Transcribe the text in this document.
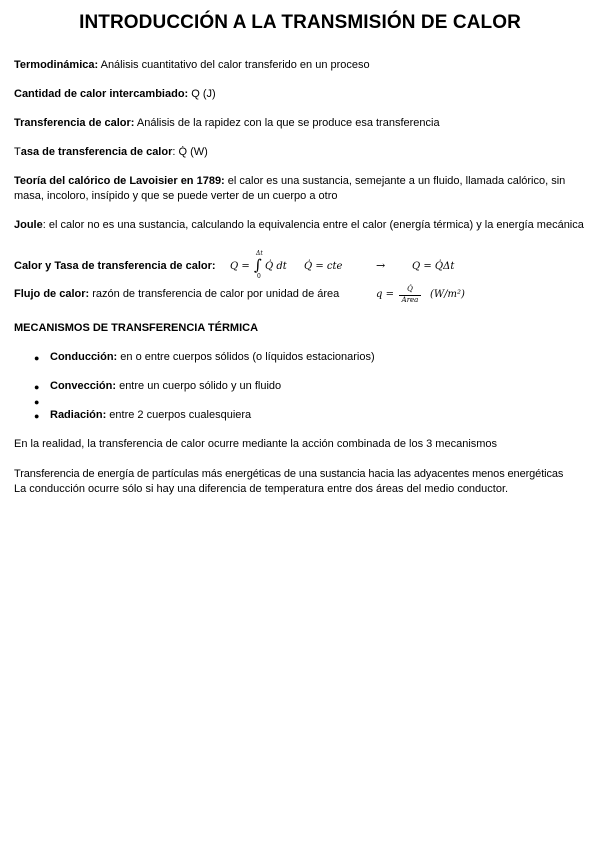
INTRODUCCIÓN A LA TRANSMISIÓN DE CALOR
Termodinámica: Análisis cuantitativo del calor transferido en un proceso
Cantidad de calor intercambiado: Q (J)
Transferencia de calor: Análisis de la rapidez con la que se produce esa transferencia
Tasa de transferencia de calor: Q̇ (W)
Teoría del calórico de Lavoisier en 1789: el calor es una sustancia, semejante a un fluido, llamada calórico, sin masa, incoloro, insípido y que se puede verter de un cuerpo a otro
Joule: el calor no es una sustancia, calculando la equivalencia entre el calor (energía térmica) y la energía mecánica
Calor y Tasa de transferencia de calor: Q = ∫
Δt
0
Q̇ dt Q̇ = cte	→	Q = Q̇Δt
Flujo de calor: razón de transferencia de calor por unidad de área	q =	Q̇
Área	(W/m²)
MECANISMOS DE TRANSFERENCIA TÉRMICA
● Conducción: en o entre cuerpos sólidos (o líquidos estacionarios)
● Convección: entre un cuerpo sólido y un fluido
●
● Radiación: entre 2 cuerpos cualesquiera
En la realidad, la transferencia de calor ocurre mediante la acción combinada de los 3 mecanismos
Transferencia de energía de partículas más energéticas de una sustancia hacia las adyacentes menos energéticas
La conducción ocurre sólo si hay una diferencia de temperatura entre dos áreas del medio conductor.
